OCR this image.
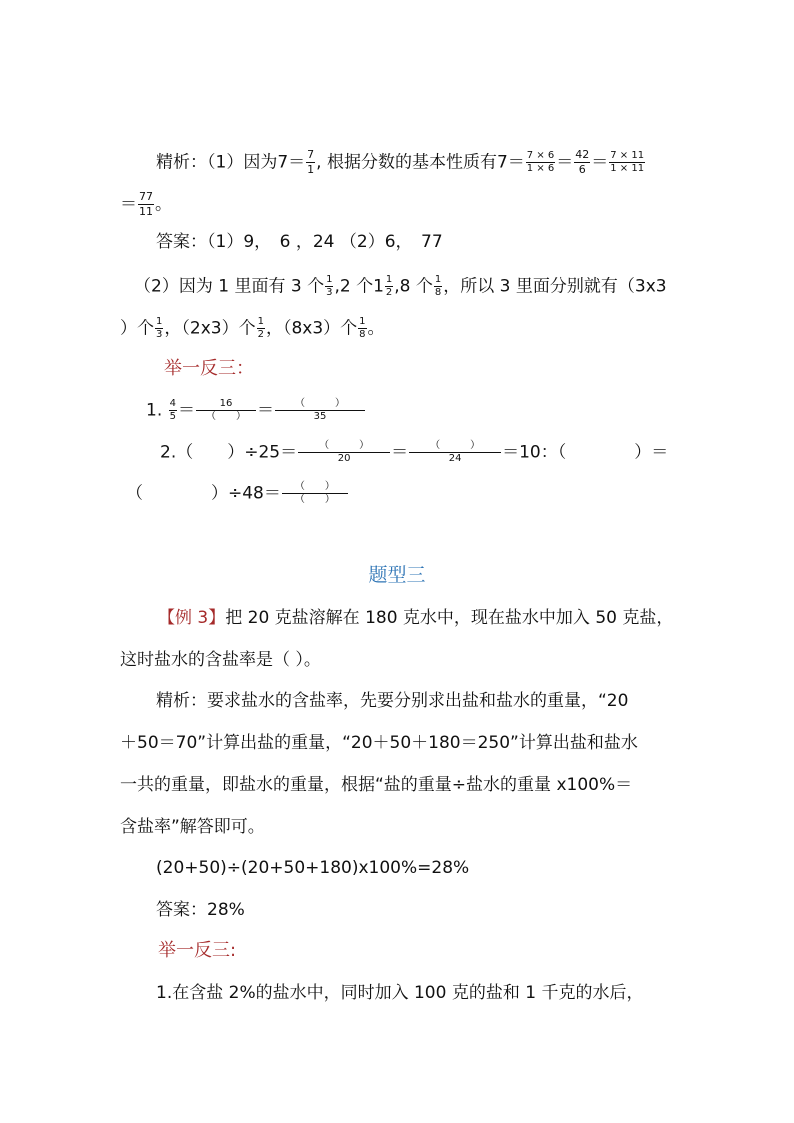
精析：（1）因为$7= \frac{7}{1}$ , 根据分数的基本性质有$7= \frac{7 \times 6}{1 \times 6} = \frac{42}{6} = \frac{7 \times 11}{1 \times 11}$
＝ $\frac{77}{11}$ 。
答案：（1）9，　6 ，24 （2）6，　77
（2）因为 1 里面有 3 个 $\frac{1}{3} ,2$ 个$1 \frac{1}{2} ,8$ 个 $\frac{1}{8}$ ，所以 3 里面分别就有（3x3
）个 $\frac{1}{3}$ ，（2x3）个 $\frac{1}{2}$ ，（8x3）个 $\frac{1}{8}$ 。
举一反三：
1. $\frac{4}{5} = \frac{16}{( )} = \frac{( )}{35}$
2.（　　）$\div 25= \frac{( )}{20} = \frac{( )}{24} =10$：（　　　　）＝
（　　　　）$\div 48= \frac{( )}{( )}$
题型三
【例 3】把 20 克盐溶解在 180 克水中，现在盐水中加入 50 克盐，
这时盐水的含盐率是（ ）。
精析：要求盐水的含盐率，先要分别求出盐和盐水的重量，“20
＋50＝70”计算出盐的重量，“20＋50＋180＝250”计算出盐和盐水
一共的重量，即盐水的重量，根据“盐的重量÷盐水的重量 x100%＝
含盐率”解答即可。
(20+50)÷(20+50+180)x100%=28%
答案：28%
举一反三:
1.在含盐 2%的盐水中，同时加入 100 克的盐和 1 千克的水后，
